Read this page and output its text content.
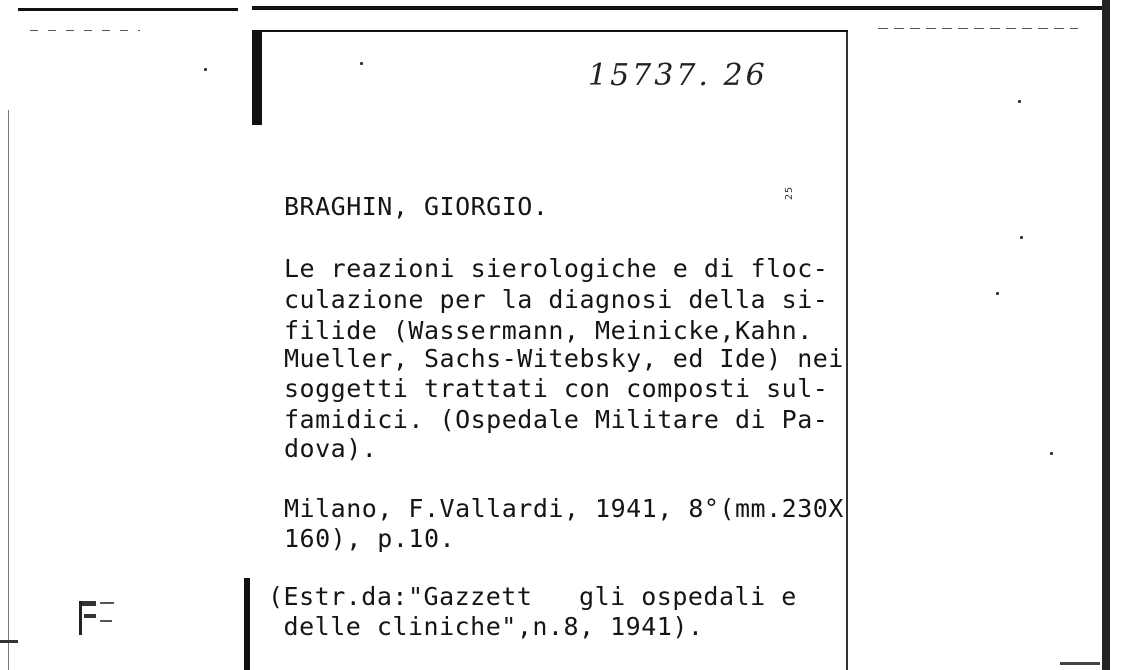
15737. 26
25
BRAGHIN, GIORGIO.
Le reazioni sierologiche e di floc-
culazione per la diagnosi della si-
filide (Wassermann, Meinicke,Kahn.
Mueller, Sachs-Witebsky, ed Ide) nei
soggetti trattati con composti sul-
famidici. (Ospedale Militare di Pa-
dova).
Milano, F.Vallardi, 1941, 8°(mm.230X
160), p.10.
(Estr.da:"Gazzett   gli ospedali e
delle cliniche",n.8, 1941).
